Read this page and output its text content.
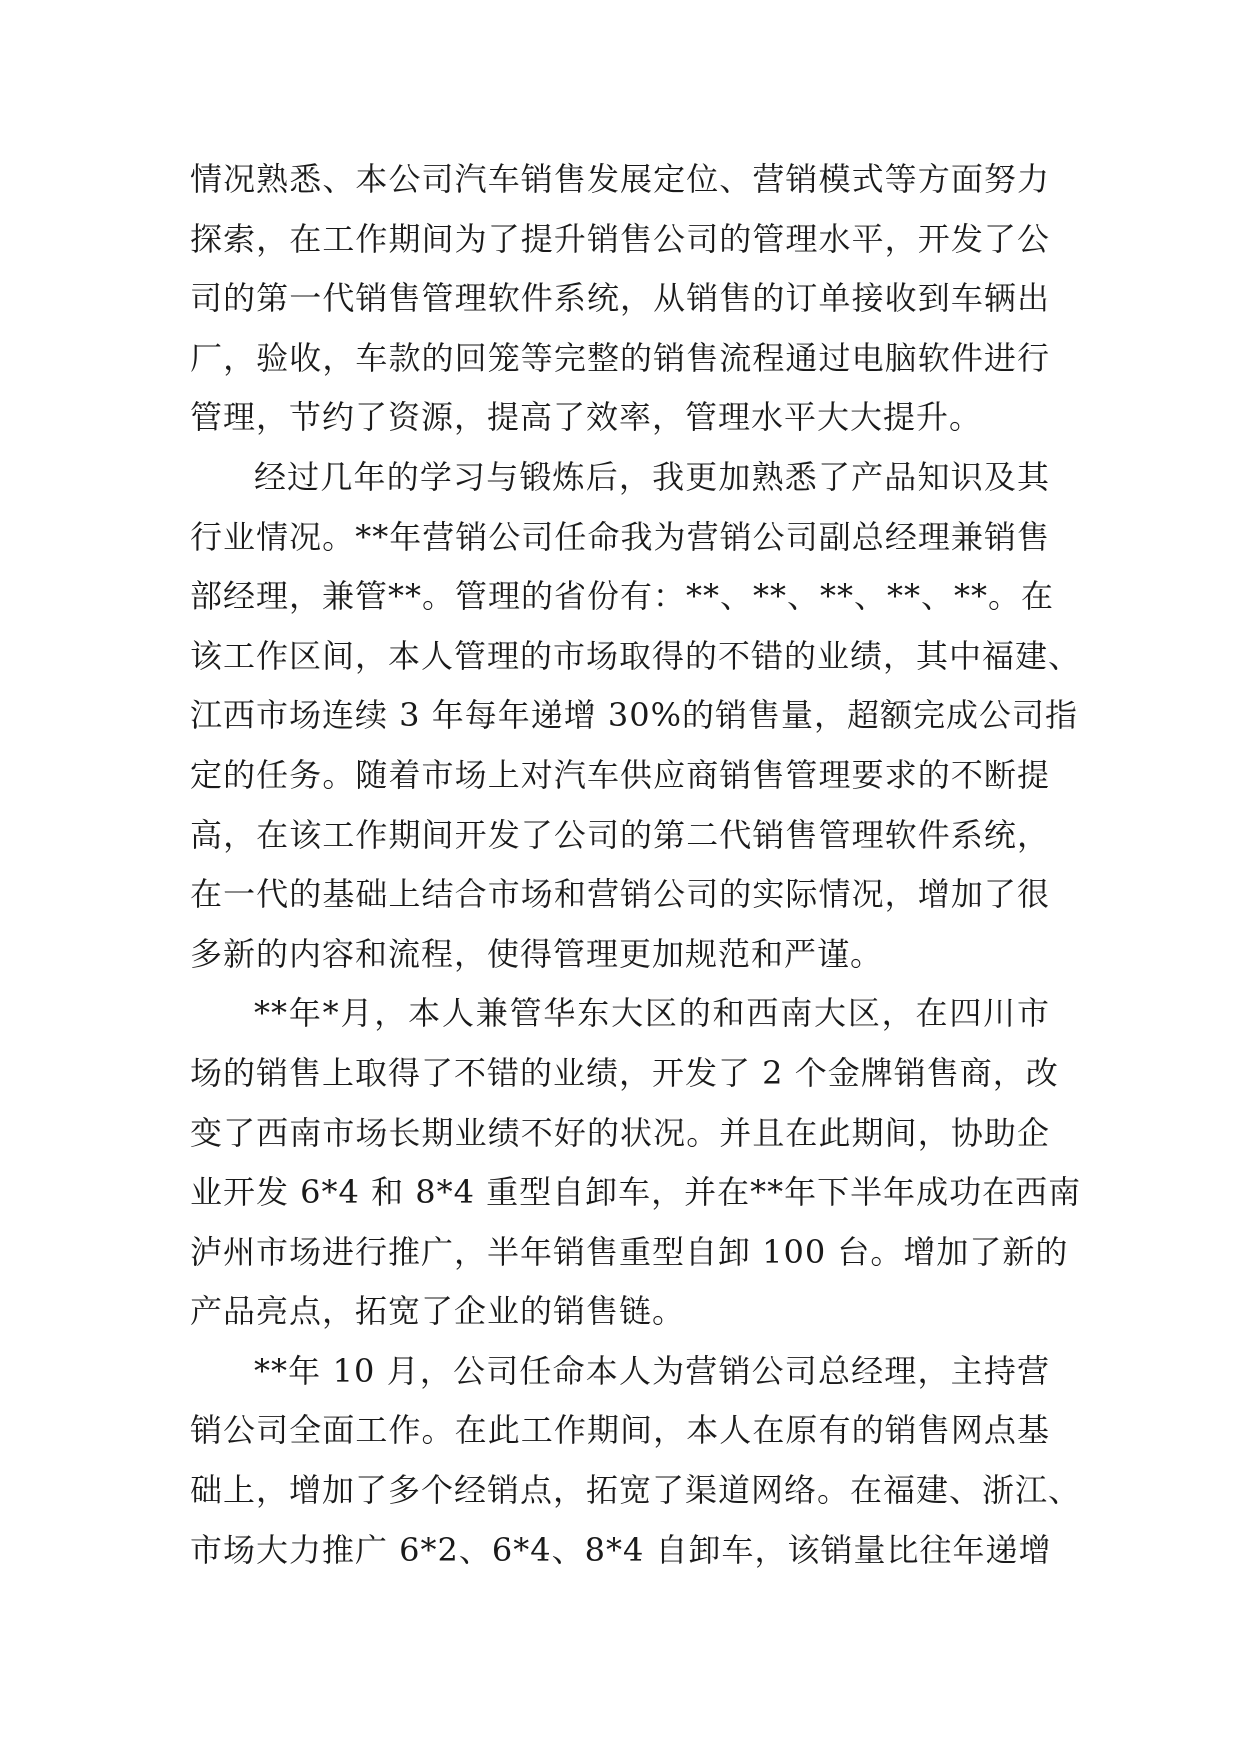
情况熟悉、本公司汽车销售发展定位、营销模式等方面努力
探索，在工作期间为了提升销售公司的管理水平，开发了公
司的第一代销售管理软件系统，从销售的订单接收到车辆出
厂，验收，车款的回笼等完整的销售流程通过电脑软件进行
管理，节约了资源，提高了效率，管理水平大大提升。
经过几年的学习与锻炼后，我更加熟悉了产品知识及其
行业情况。**年营销公司任命我为营销公司副总经理兼销售
部经理，兼管**。管理的省份有：**、**、**、**、**。在
该工作区间，本人管理的市场取得的不错的业绩，其中福建、
江西市场连续 3 年每年递增 30%的销售量，超额完成公司指
定的任务。随着市场上对汽车供应商销售管理要求的不断提
高，在该工作期间开发了公司的第二代销售管理软件系统，
在一代的基础上结合市场和营销公司的实际情况，增加了很
多新的内容和流程，使得管理更加规范和严谨。
**年*月，本人兼管华东大区的和西南大区，在四川市
场的销售上取得了不错的业绩，开发了 2 个金牌销售商，改
变了西南市场长期业绩不好的状况。并且在此期间，协助企
业开发 6*4 和 8*4 重型自卸车，并在**年下半年成功在西南
泸州市场进行推广，半年销售重型自卸 100 台。增加了新的
产品亮点，拓宽了企业的销售链。
**年 10 月，公司任命本人为营销公司总经理，主持营
销公司全面工作。在此工作期间，本人在原有的销售网点基
础上，增加了多个经销点，拓宽了渠道网络。在福建、浙江、
市场大力推广 6*2、6*4、8*4 自卸车，该销量比往年递增
